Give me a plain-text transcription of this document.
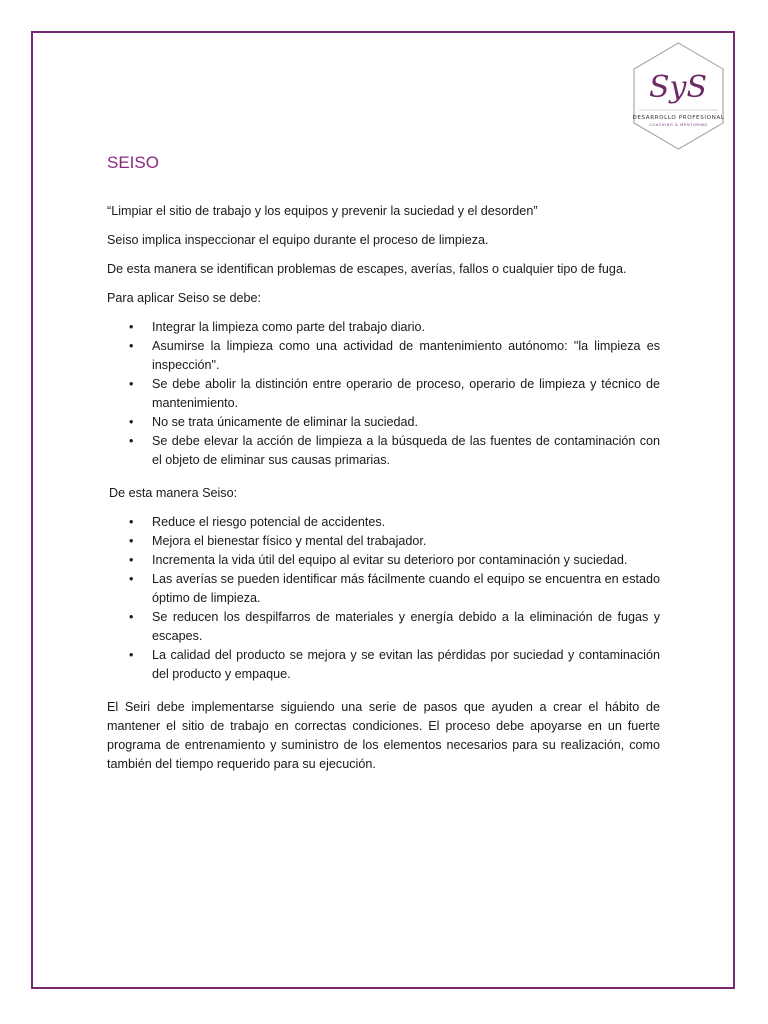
SyS
DESARROLLO PROFESIONAL
COACHING & MENTORING
SEISO

“Limpiar el sitio de trabajo y los equipos y prevenir la suciedad y el desorden”

Seiso implica inspeccionar el equipo durante el proceso de limpieza.

De esta manera se identifican problemas de escapes, averías, fallos o cualquier tipo de fuga.

Para aplicar Seiso se debe:

• Integrar la limpieza como parte del trabajo diario.
• Asumirse la limpieza como una actividad de mantenimiento autónomo: "la limpieza es inspección".
• Se debe abolir la distinción entre operario de proceso, operario de limpieza y técnico de mantenimiento.
• No se trata únicamente de eliminar la suciedad.
• Se debe elevar la acción de limpieza a la búsqueda de las fuentes de contaminación con el objeto de eliminar sus causas primarias.

De esta manera Seiso:

• Reduce el riesgo potencial de accidentes.
• Mejora el bienestar físico y mental del trabajador.
• Incrementa la vida útil del equipo al evitar su deterioro por contaminación y suciedad.
• Las averías se pueden identificar más fácilmente cuando el equipo se encuentra en estado óptimo de limpieza.
• Se reducen los despilfarros de materiales y energía debido a la eliminación de fugas y escapes.
• La calidad del producto se mejora y se evitan las pérdidas por suciedad y contaminación del producto y empaque.

El Seiri debe implementarse siguiendo una serie de pasos que ayuden a crear el hábito de mantener el sitio de trabajo en correctas condiciones. El proceso debe apoyarse en un fuerte programa de entrenamiento y suministro de los elementos necesarios para su realización, como también del tiempo requerido para su ejecución.
